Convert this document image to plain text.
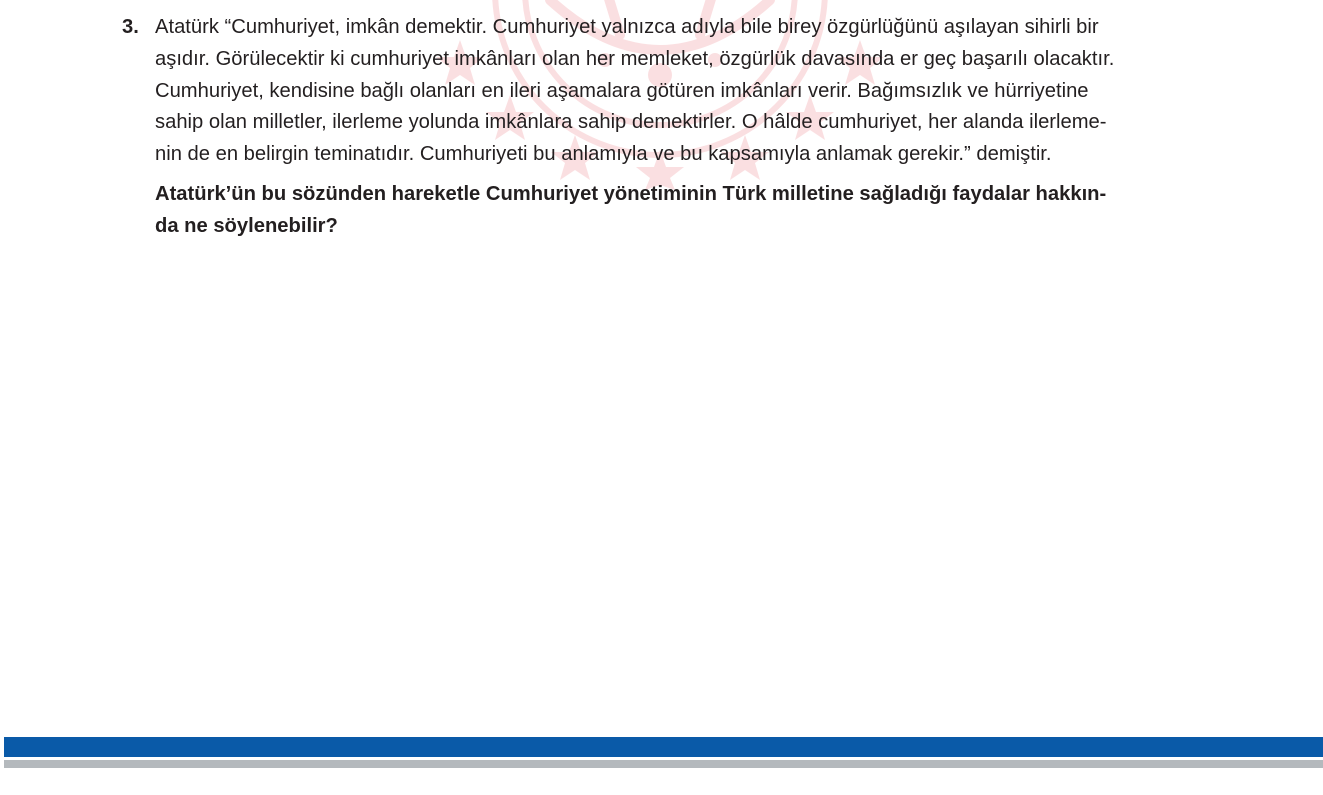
3. Atatürk “Cumhuriyet, imkân demektir. Cumhuriyet yalnızca adıyla bile birey özgürlüğünü aşılayan sihirli bir

aşıdır. Görülecektir ki cumhuriyet imkânları olan her memleket, özgürlük davasında er geç başarılı olacaktır.

Cumhuriyet, kendisine bağlı olanları en ileri aşamalara götüren imkânları verir. Bağımsızlık ve hürriyetine

sahip olan milletler, ilerleme yolunda imkânlara sahip demektirler. O hâlde cumhuriyet, her alanda ilerleme-

nin de en belirgin teminatıdır. Cumhuriyeti bu anlamıyla ve bu kapsamıyla anlamak gerekir.” demiştir.

Atatürk’ün bu sözünden hareketle Cumhuriyet yönetiminin Türk milletine sağladığı faydalar hakkın-
da ne söylenebilir?
